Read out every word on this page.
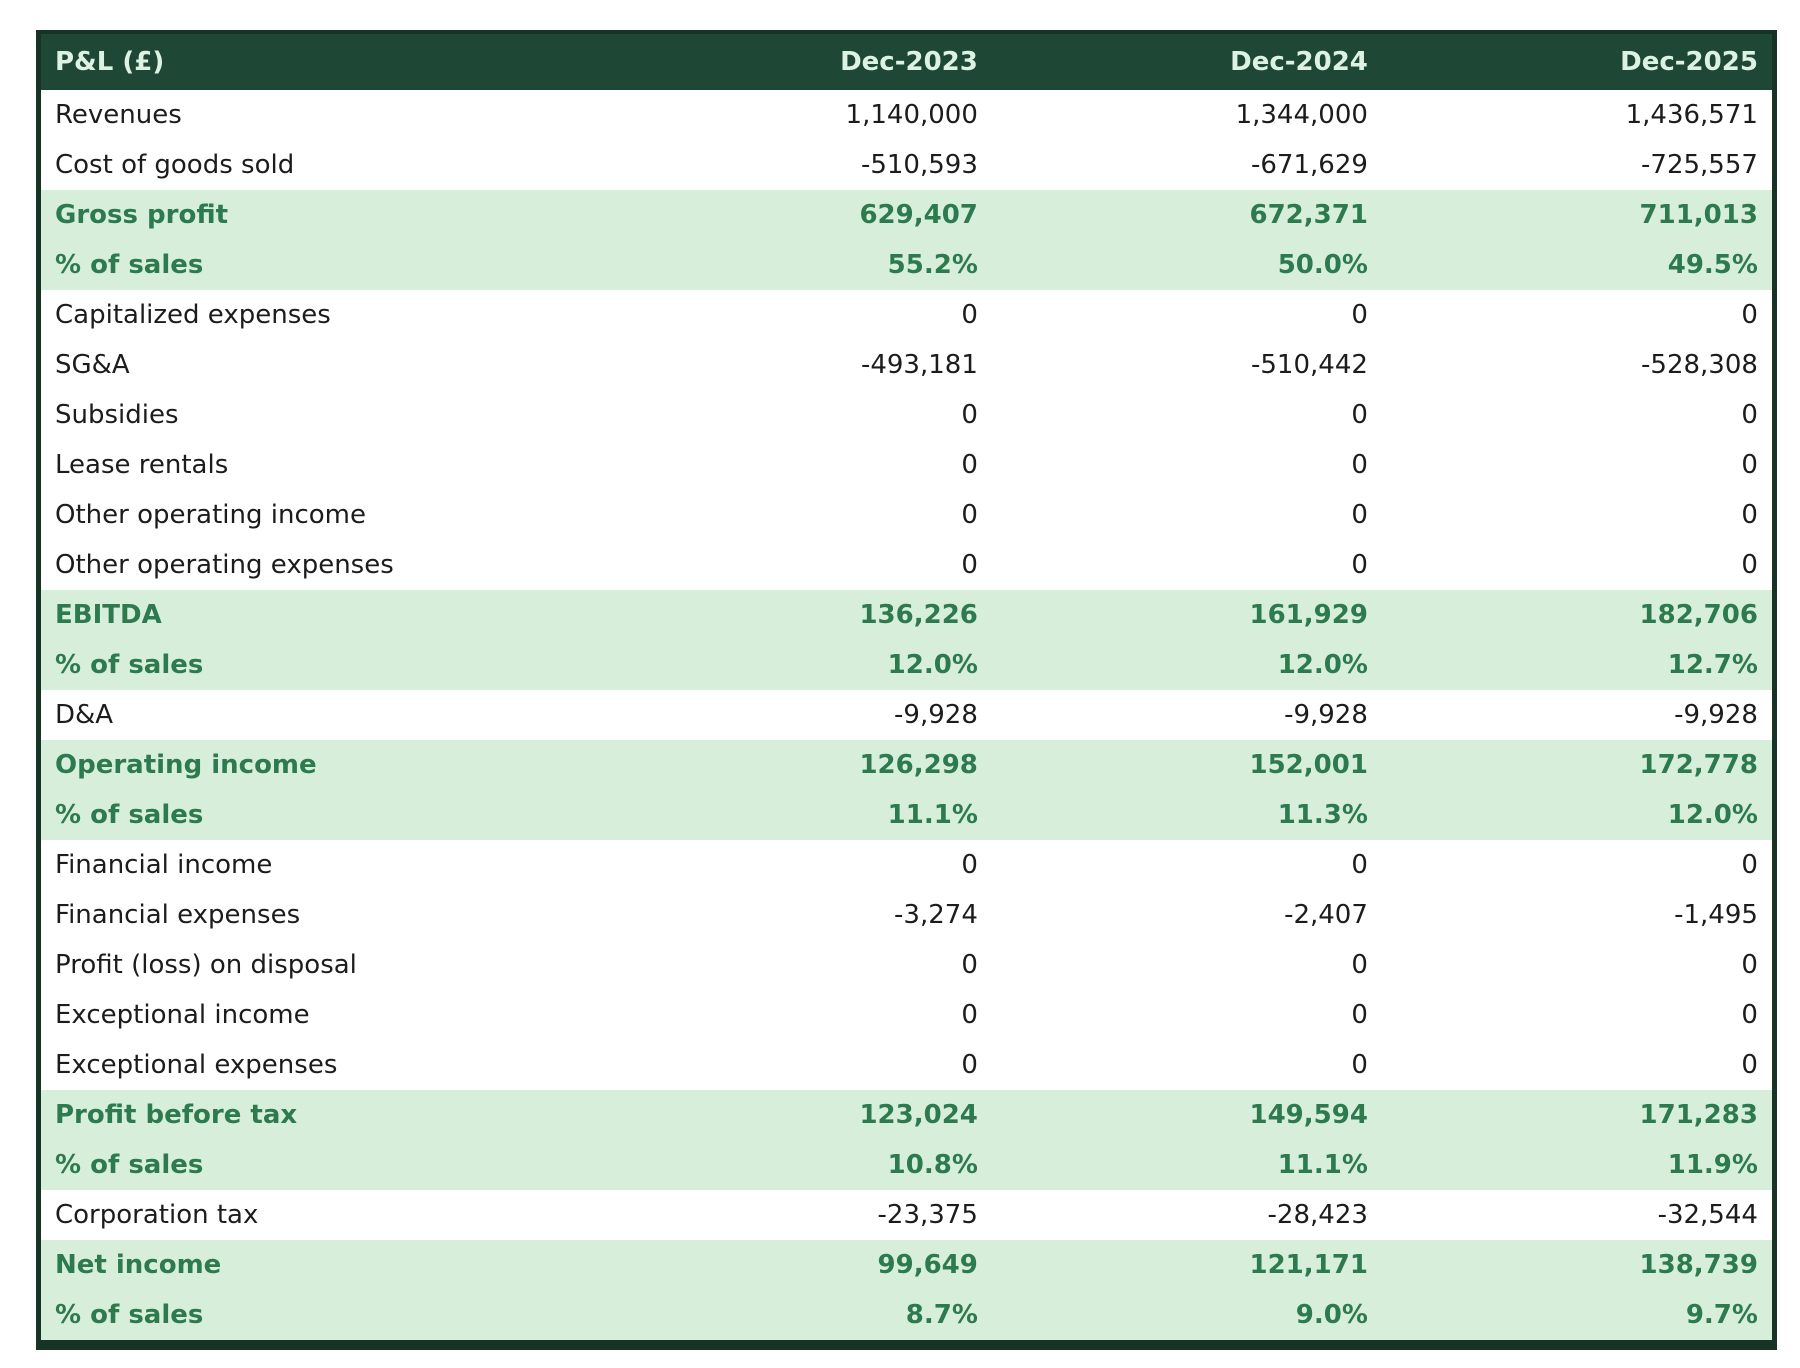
P&L (£)	Dec-2023	Dec-2024	Dec-2025
Revenues	1,140,000	1,344,000	1,436,571
Cost of goods sold	-510,593	-671,629	-725,557
Gross profit	629,407	672,371	711,013
% of sales	55.2%	50.0%	49.5%
Capitalized expenses	0	0	0
SG&A	-493,181	-510,442	-528,308
Subsidies	0	0	0
Lease rentals	0	0	0
Other operating income	0	0	0
Other operating expenses	0	0	0
EBITDA	136,226	161,929	182,706
% of sales	12.0%	12.0%	12.7%
D&A	-9,928	-9,928	-9,928
Operating income	126,298	152,001	172,778
% of sales	11.1%	11.3%	12.0%
Financial income	0	0	0
Financial expenses	-3,274	-2,407	-1,495
Profit (loss) on disposal	0	0	0
Exceptional income	0	0	0
Exceptional expenses	0	0	0
Profit before tax	123,024	149,594	171,283
% of sales	10.8%	11.1%	11.9%
Corporation tax	-23,375	-28,423	-32,544
Net income	99,649	121,171	138,739
% of sales	8.7%	9.0%	9.7%
